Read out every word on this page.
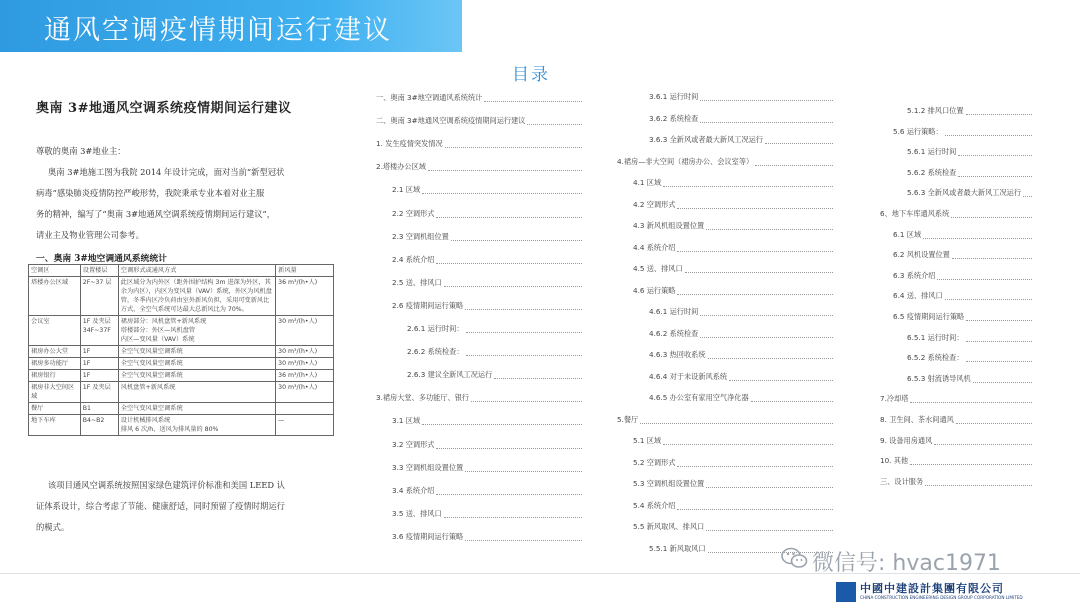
通风空调疫情期间运行建议
目录
奥南 3#地通风空调系统疫情期间运行建议
尊敬的奥南 3#地业主：
奥南 3#地施工图为我院 2014 年设计完成，面对当前“新型冠状
病毒”感染肺炎疫情防控严峻形势，我院秉承专业本着对业主服
务的精神，编写了“奥南 3#地通风空调系统疫情期间运行建议”，
请业主及物业管理公司参考。
一、奥南 3#地空调通风系统统计
空调区	设置楼层	空调形式或通风方式	新风量
塔楼办公区域	2F~37 层	此区域分为内外区（距外围护结构 3m 进深为外区，其余为内区），内区为变风量（VAV）系统，外区为风机盘管，冬季内区冷负荷由室外新风负担，采用可变新风比方式，全空气系统可达最大总新风比为 70%。	36 m³/(h•人)
会议室	1F 及夹层 34F~37F	裙房部分：风机盘管+新风系统
塔楼部分：外区—风机盘管
内区—变风量（VAV）系统	30 m³/(h•人)
裙房办公大堂	1F	全空气变风量空调系统	30 m³/(h•人)
裙房多功能厅	1F	全空气变风量空调系统	30 m³/(h•人)
裙房银行	1F	全空气变风量空调系统	36 m³/(h•人)
裙房非大空间区域	1F 及夹层	风机盘管+新风系统	30 m³/(h•人)
餐厅	B1	全空气变风量空调系统	
地下车库	B4~B2	设计机械排风系统
排风 6 次/h，送风为排风量的 80%	—
该项目通风空调系统按照国家绿色建筑评价标准和美国 LEED 认
证体系设计，综合考虑了节能、健康舒适，同时预留了疫情时期运行
的模式。
一、奥南 3#地空调通风系统统计
二、奥南 3#地通风空调系统疫情期间运行建议
1. 发生疫情突发情况
2.塔楼办公区域
2.1 区域
2.2 空调形式
2.3 空调机组位置
2.4 系统介绍
2.5 送、排风口
2.6 疫情期间运行策略
2.6.1 运行时间：
2.6.2 系统检查：
2.6.3 建议全新风工况运行
3.裙房大堂、多功能厅、银行
3.1 区域
3.2 空调形式
3.3 空调机组设置位置
3.4 系统介绍
3.5 送、排风口
3.6 疫情期间运行策略
3.6.1 运行时间
3.6.2 系统检查
3.6.3 全新风或者最大新风工况运行
4.裙房—非大空间（裙房办公、会议室等）
4.1 区域
4.2 空调形式
4.3 新风机组设置位置
4.4 系统介绍
4.5 送、排风口
4.6 运行策略
4.6.1 运行时间
4.6.2 系统检查
4.6.3 热回收系统
4.6.4 对于未设新风系统
4.6.5 办公室有家用空气净化器
5.餐厅
5.1 区域
5.2 空调形式
5.3 空调机组设置位置
5.4 系统介绍
5.5 新风取风、排风口
5.5.1 新风取风口
5.1.2 排风口位置
5.6 运行策略：
5.6.1 运行时间
5.6.2 系统检查
5.6.3 全新风或者最大新风工况运行
6、地下车库通风系统
6.1 区域
6.2 风机设置位置
6.3 系统介绍
6.4 送、排风口
6.5 疫情期间运行策略
6.5.1 运行时间：
6.5.2 系统检查：
6.5.3 射流诱导风机
7.冷却塔
8. 卫生间、茶水间通风
9. 设备用房通风
10. 其他
三、设计服务
微信号: hvac1971
中國中建設計集團有限公司
CHINA CONSTRUCTION ENGINEERING DESIGN GROUP CORPORATION LIMITED
